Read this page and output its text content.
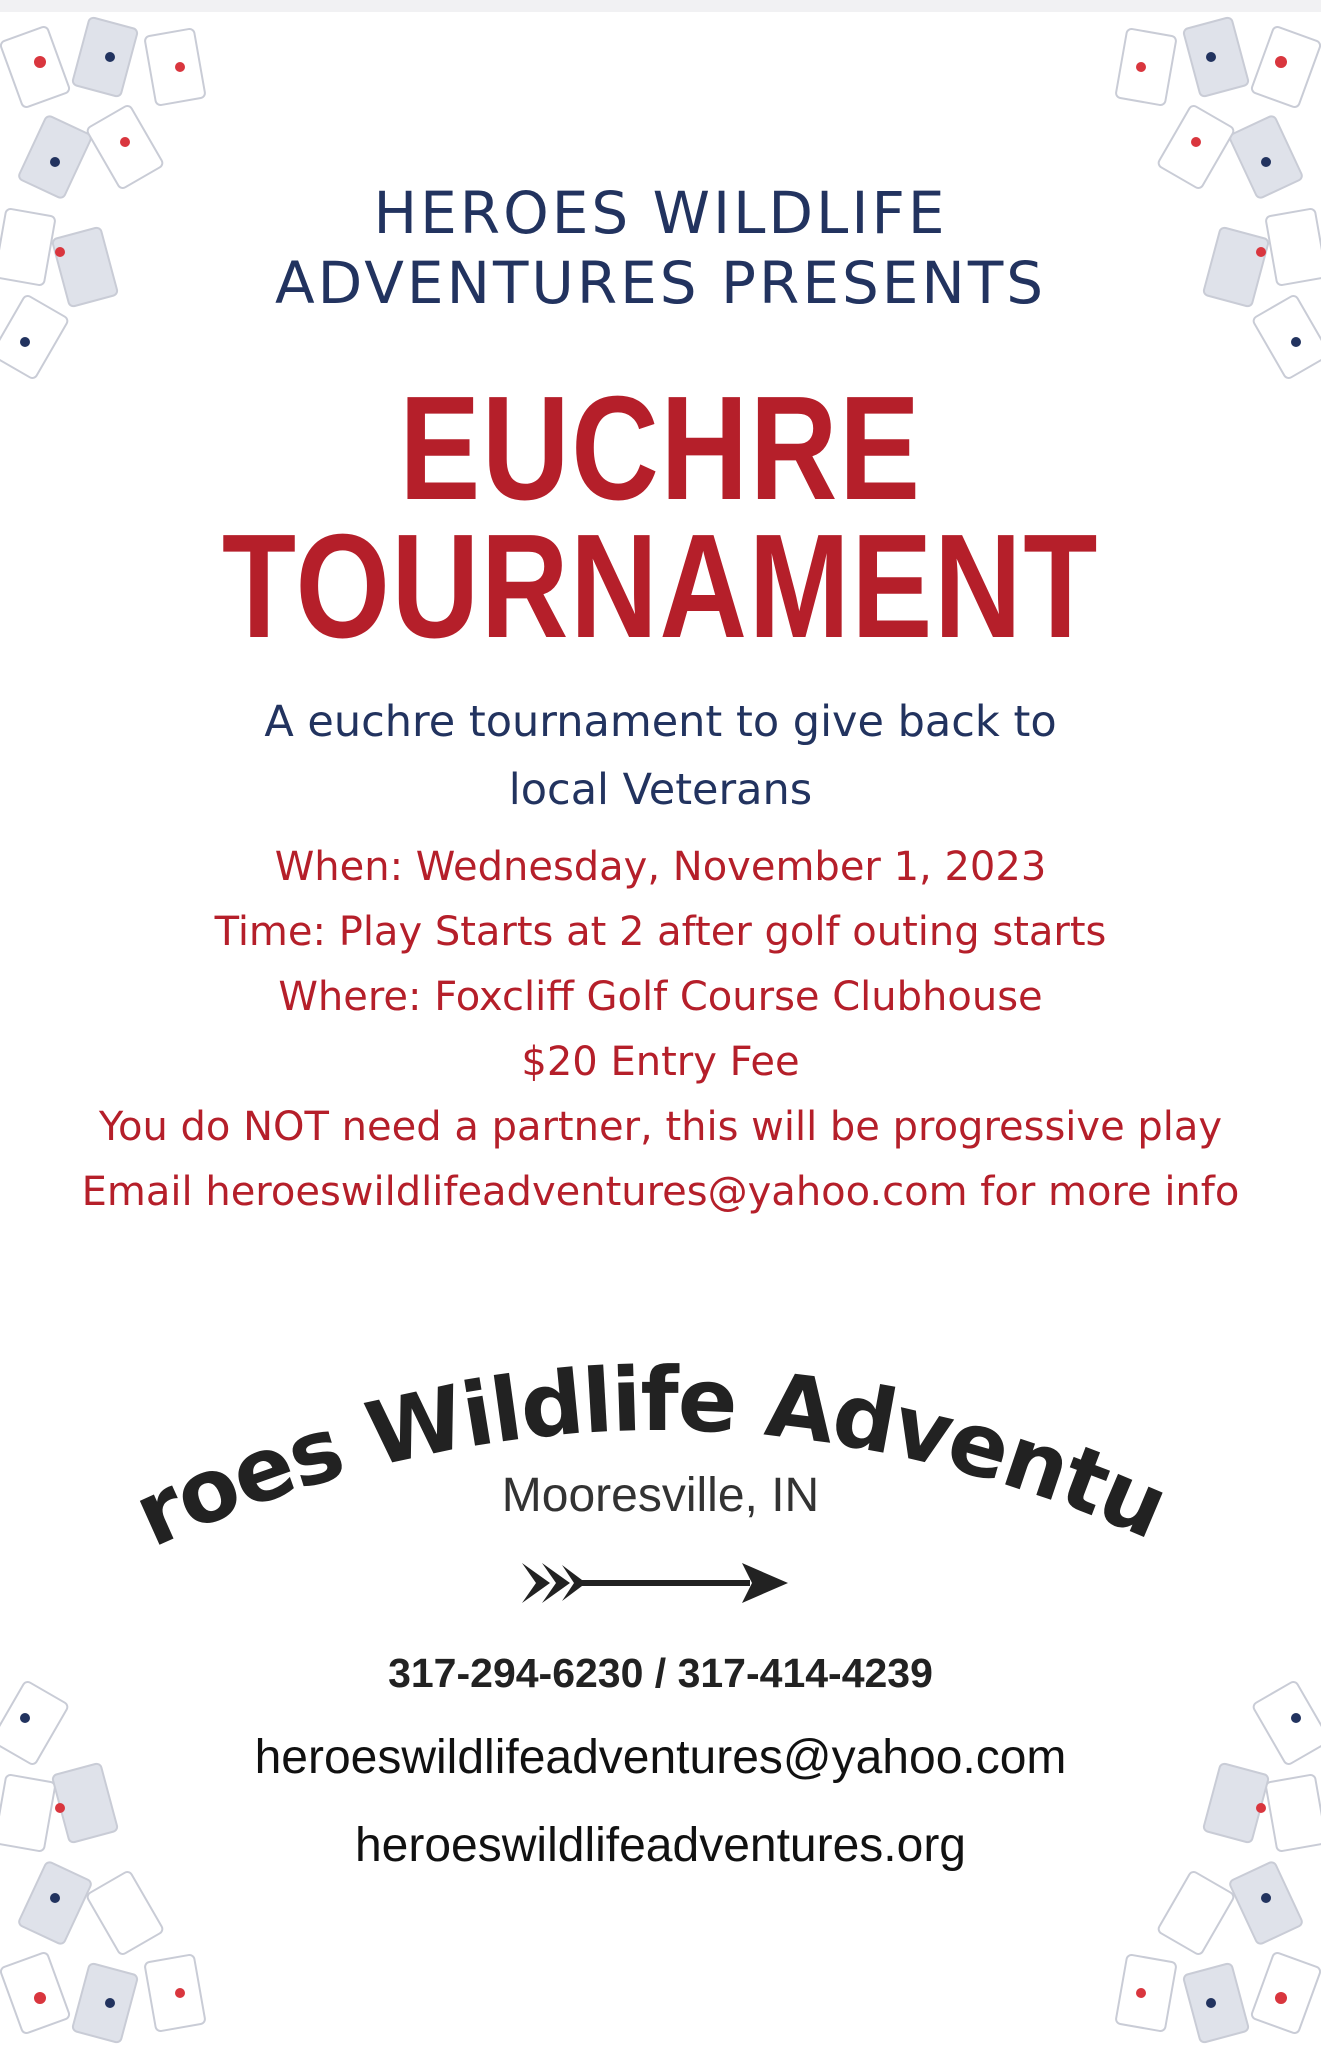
HEROES WILDLIFE
ADVENTURES PRESENTS
EUCHRE
TOURNAMENT
A euchre tournament to give back to
local Veterans
When: Wednesday, November 1, 2023
Time: Play Starts at 2 after golf outing starts
Where: Foxcliff Golf Course Clubhouse
$20 Entry Fee
You do NOT need a partner, this will be progressive play
Email heroeswildlifeadventures@yahoo.com for more info
Heroes Wildlife Adventures
Mooresville, IN
317-294-6230 / 317-414-4239
heroeswildlifeadventures@yahoo.com
heroeswildlifeadventures.org
